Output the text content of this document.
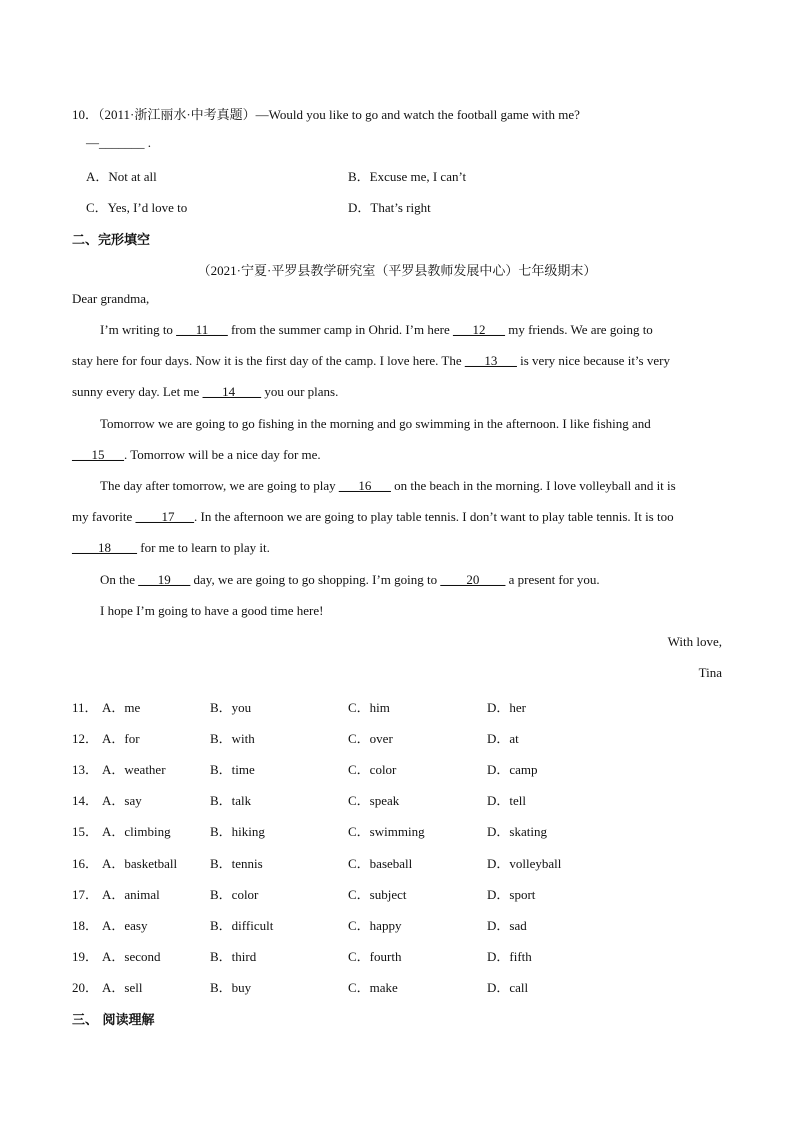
10．（2011·浙江丽水·中考真题）—Would you like to go and watch the football game with me?
—_______ .
A．Not at all	B．Excuse me, I can’t
C．Yes, I’d love to	D．That’s right
二、完形填空
（2021·宁夏·平罗县教学研究室（平罗县教师发展中心）七年级期末）
Dear grandma,
I’m writing to ___11___ from the summer camp in Ohrid. I’m here ___12___ my friends. We are going to
stay here for four days. Now it is the first day of the camp. I love here. The ___13___ is very nice because it’s very
sunny every day. Let me ___14____ you our plans.
Tomorrow we are going to go fishing in the morning and go swimming in the afternoon. I like fishing and
___15___. Tomorrow will be a nice day for me.
The day after tomorrow, we are going to play ___16___ on the beach in the morning. I love volleyball and it is
my favorite ____17___. In the afternoon we are going to play table tennis. I don’t want to play table tennis. It is too
____18____ for me to learn to play it.
On the ___19___ day, we are going to go shopping. I’m going to ____20____ a present for you.
I hope I’m going to have a good time here!
With love,
Tina
11． A．me	B．you	C．him	D．her
12． A．for	B．with	C．over	D．at
13． A．weather	B．time	C．color	D．camp
14． A．say	B．talk	C．speak	D．tell
15． A．climbing	B．hiking	C．swimming	D．skating
16． A．basketball	B．tennis	C．baseball	D．volleyball
17． A．animal	B．color	C．subject	D．sport
18． A．easy	B．difficult	C．happy	D．sad
19． A．second	B．third	C．fourth	D．fifth
20． A．sell	B．buy	C．make	D．call
三、 阅读理解
